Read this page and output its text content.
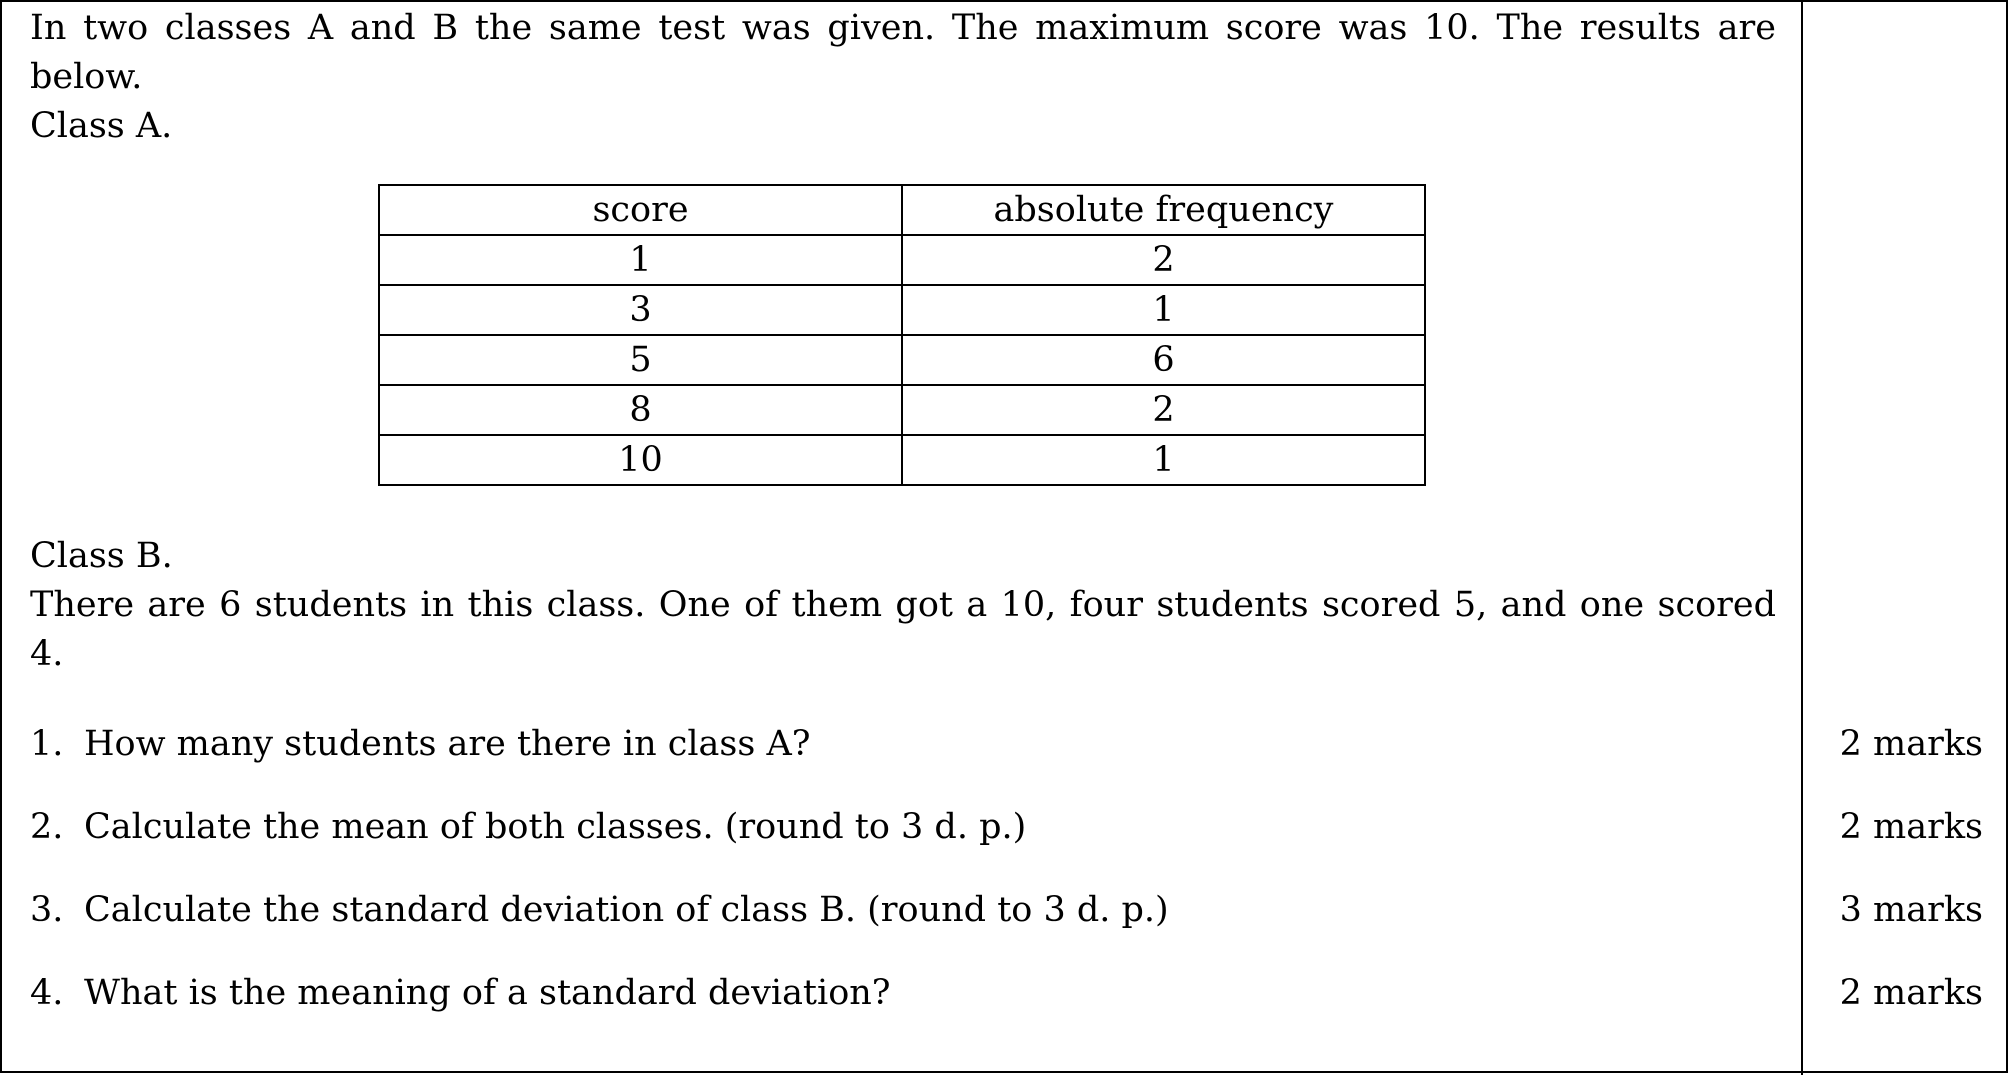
In two classes A and B the same test was given. The maximum score was 10. The results are below.

Class A.

score	absolute frequency
1	2
3	1
5	6
8	2
10	1

Class B.

There are 6 students in this class. One of them got a 10, four students scored 5, and one scored 4.

1. How many students are there in class A?	2 marks
2. Calculate the mean of both classes. (round to 3 d. p.)	2 marks
3. Calculate the standard deviation of class B. (round to 3 d. p.)	3 marks
4. What is the meaning of a standard deviation?	2 marks
